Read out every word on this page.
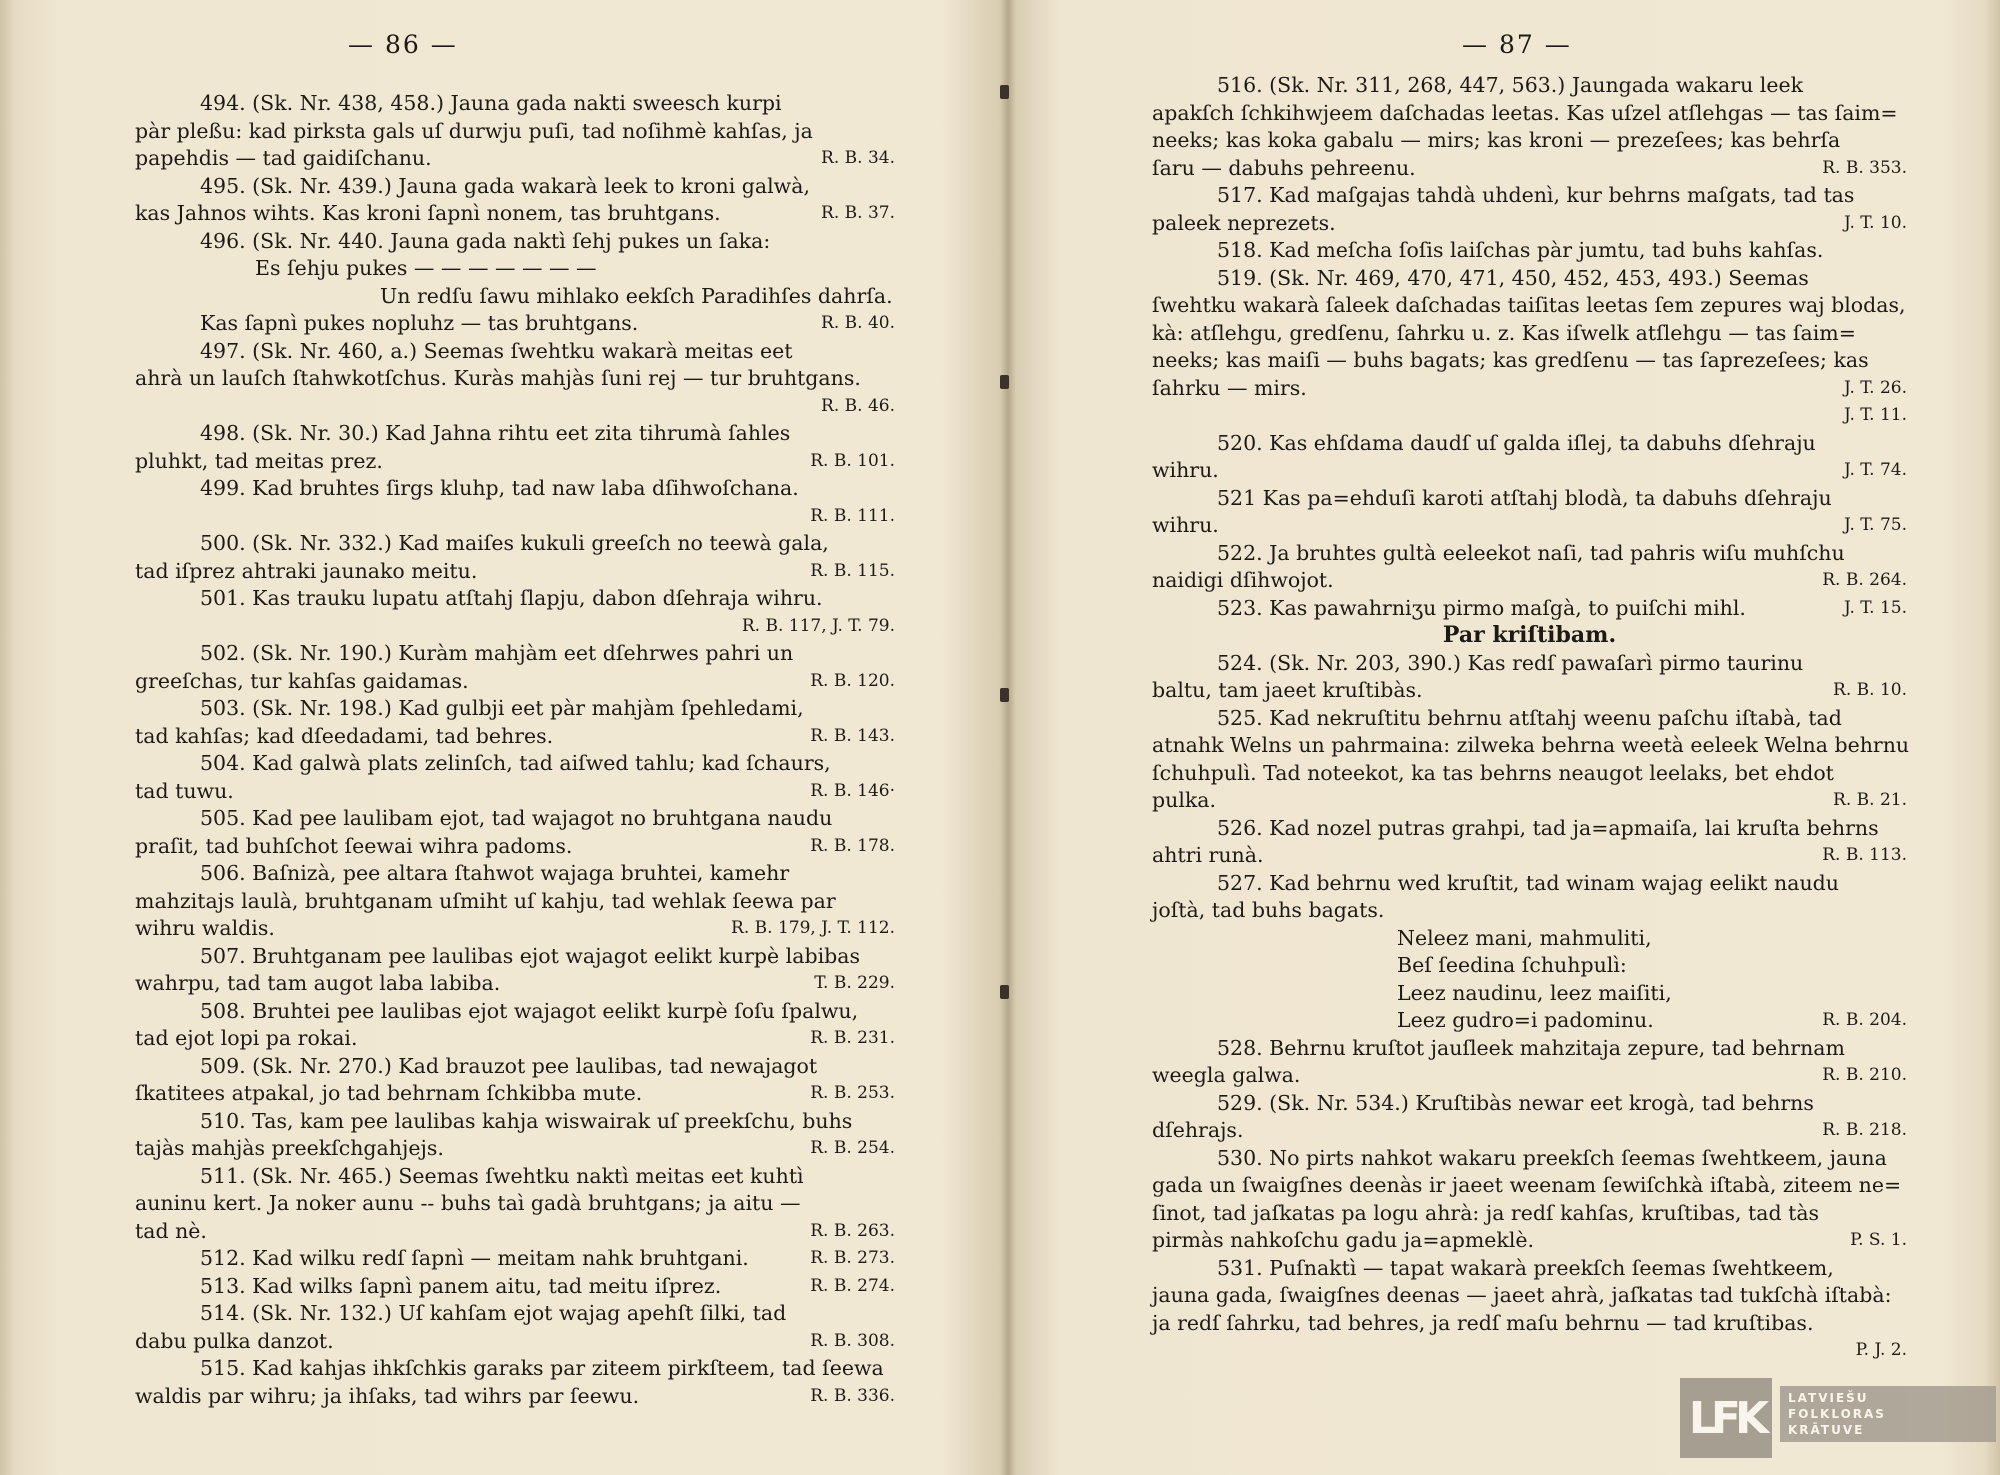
— 86 —
494. (Sk. Nr. 438, 458.) Jauna gada nakti sweesch kurpi
pàr pleßu: kad pirksta gals uſ durwju puſi, tad noſihmè kahſas, ja
papehdis — tad gaidiſchanu.	R. B. 34.
495. (Sk. Nr. 439.) Jauna gada wakarà leek to kroni galwà,
kas Jahnos wihts. Kas kroni ſapnì nonem, tas bruhtgans.	R. B. 37.
496. (Sk. Nr. 440. Jauna gada naktì ſehj pukes un ſaka:
Es ſehju pukes — — — — — — —
Un redſu ſawu mihlako eekſch Paradihſes dahrſa.
Kas ſapnì pukes nopluhz — tas bruhtgans.	R. B. 40.
497. (Sk. Nr. 460, a.) Seemas ſwehtku wakarà meitas eet
ahrà un lauſch ſtahwkotſchus. Kuràs mahjàs ſuni rej — tur bruhtgans.
R. B. 46.
498. (Sk. Nr. 30.) Kad Jahna rihtu eet zita tihrumà ſahles
pluhkt, tad meitas prez.	R. B. 101.
499. Kad bruhtes ſirgs kluhp, tad naw laba dſihwoſchana.
R. B. 111.
500. (Sk. Nr. 332.) Kad maiſes kukuli greeſch no teewà gala,
tad iſprez ahtraki jaunako meitu.	R. B. 115.
501. Kas trauku lupatu atſtahj ſlapju, dabon dſehraja wihru.
R. B. 117, J. T. 79.
502. (Sk. Nr. 190.) Kuràm mahjàm eet dſehrwes pahri un
greeſchas, tur kahſas gaidamas.	R. B. 120.
503. (Sk. Nr. 198.) Kad gulbji eet pàr mahjàm ſpehledami,
tad kahſas; kad dſeedadami, tad behres.	R. B. 143.
504. Kad galwà plats zelinſch, tad aiſwed tahlu; kad ſchaurs,
tad tuwu.	R. B. 146·
505. Kad pee laulibam ejot, tad wajagot no bruhtgana naudu
praſit, tad buhſchot ſeewai wihra padoms.	R. B. 178.
506. Baſnizà, pee altara ſtahwot wajaga bruhtei, kamehr
mahzitajs laulà, bruhtganam uſmiht uſ kahju, tad wehlak ſeewa par
wihru waldis.	R. B. 179, J. T. 112.
507. Bruhtganam pee laulibas ejot wajagot eelikt kurpè labibas
wahrpu, tad tam augot laba labiba.	T. B. 229.
508. Bruhtei pee laulibas ejot wajagot eelikt kurpè ſoſu ſpalwu,
tad ejot lopi pa rokai.	R. B. 231.
509. (Sk. Nr. 270.) Kad brauzot pee laulibas, tad newajagot
ſkatitees atpakal, jo tad behrnam ſchkibba mute.	R. B. 253.
510. Tas, kam pee laulibas kahja wiswairak uſ preekſchu, buhs
tajàs mahjàs preekſchgahjejs.	R. B. 254.
511. (Sk. Nr. 465.) Seemas ſwehtku naktì meitas eet kuhtì
auninu kert. Ja noker aunu -- buhs taì gadà bruhtgans; ja aitu —
tad nè.	R. B. 263.
512. Kad wilku redſ ſapnì — meitam nahk bruhtgani.	R. B. 273.
513. Kad wilks ſapnì panem aitu, tad meitu iſprez.	R. B. 274.
514. (Sk. Nr. 132.) Uſ kahſam ejot wajag apehſt ſilki, tad
dabu pulka danzot.	R. B. 308.
515. Kad kahjas ihkſchkis garaks par ziteem pirkſteem, tad ſeewa
waldis par wihru; ja ihſaks, tad wihrs par ſeewu.	R. B. 336.
— 87 —
516. (Sk. Nr. 311, 268, 447, 563.) Jaungada wakaru leek
apakſch ſchkihwjeem daſchadas leetas. Kas uſzel atſlehgas — tas ſaim=
neeks; kas koka gabalu — mirs; kas kroni — prezeſees; kas behrſa
ſaru — dabuhs pehreenu.	R. B. 353.
517. Kad maſgajas tahdà uhdenì, kur behrns maſgats, tad tas
paleek neprezets.	J. T. 10.
518. Kad meſcha ſoſis laiſchas pàr jumtu, tad buhs kahſas.
519. (Sk. Nr. 469, 470, 471, 450, 452, 453, 493.) Seemas
ſwehtku wakarà ſaleek daſchadas taiſitas leetas ſem zepures waj blodas,
kà: atſlehgu, gredſenu, ſahrku u. z. Kas iſwelk atſlehgu — tas ſaim=
neeks; kas maiſi — buhs bagats; kas gredſenu — tas ſaprezeſees; kas
ſahrku — mirs.	J. T. 26.
J. T. 11.
520. Kas ehſdama daudſ uſ galda iſlej, ta dabuhs dſehraju
wihru.	J. T. 74.
521 Kas pa=ehduſi karoti atſtahj blodà, ta dabuhs dſehraju
wihru.	J. T. 75.
522. Ja bruhtes gultà eeleekot naſi, tad pahris wiſu muhſchu
naidigi dſihwojot.	R. B. 264.
523. Kas pawahrniʒu pirmo maſgà, to puiſchi mihl.	J. T. 15.
Par kriſtibam.
524. (Sk. Nr. 203, 390.) Kas redſ pawaſarì pirmo taurinu
baltu, tam jaeet kruſtibàs.	R. B. 10.
525. Kad nekruſtitu behrnu atſtahj weenu paſchu iſtabà, tad
atnahk Welns un pahrmaina: zilweka behrna weetà eeleek Welna behrnu
ſchuhpulì. Tad noteekot, ka tas behrns neaugot leelaks, bet ehdot
pulka.	R. B. 21.
526. Kad nozel putras grahpi, tad ja=apmaiſa, lai kruſta behrns
ahtri runà.	R. B. 113.
527. Kad behrnu wed kruſtit, tad winam wajag eelikt naudu
joſtà, tad buhs bagats.
Neleez mani, mahmuliti,
Beſ ſeedina ſchuhpulì:
Leez naudinu, leez maiſiti,
Leez gudro=i padominu.	R. B. 204.
528. Behrnu kruſtot jauſleek mahzitaja zepure, tad behrnam
weegla galwa.	R. B. 210.
529. (Sk. Nr. 534.) Kruſtibàs newar eet krogà, tad behrns
dſehrajs.	R. B. 218.
530. No pirts nahkot wakaru preekſch ſeemas ſwehtkeem, jauna
gada un ſwaigſnes deenàs ir jaeet weenam ſewiſchkà iſtabà, ziteem ne=
ſinot, tad jaſkatas pa logu ahrà: ja redſ kahſas, kruſtibas, tad tàs
pirmàs nahkoſchu gadu ja=apmeklè.	P. S. 1.
531. Puſnaktì — tapat wakarà preekſch ſeemas ſwehtkeem,
jauna gada, ſwaigſnes deenas — jaeet ahrà, jaſkatas tad tukſchà iſtabà:
ja redſ ſahrku, tad behres, ja redſ maſu behrnu — tad kruſtibas.
P. J. 2.
LFK	LATVIEŠU
FOLKLORAS
KRĀTUVE
